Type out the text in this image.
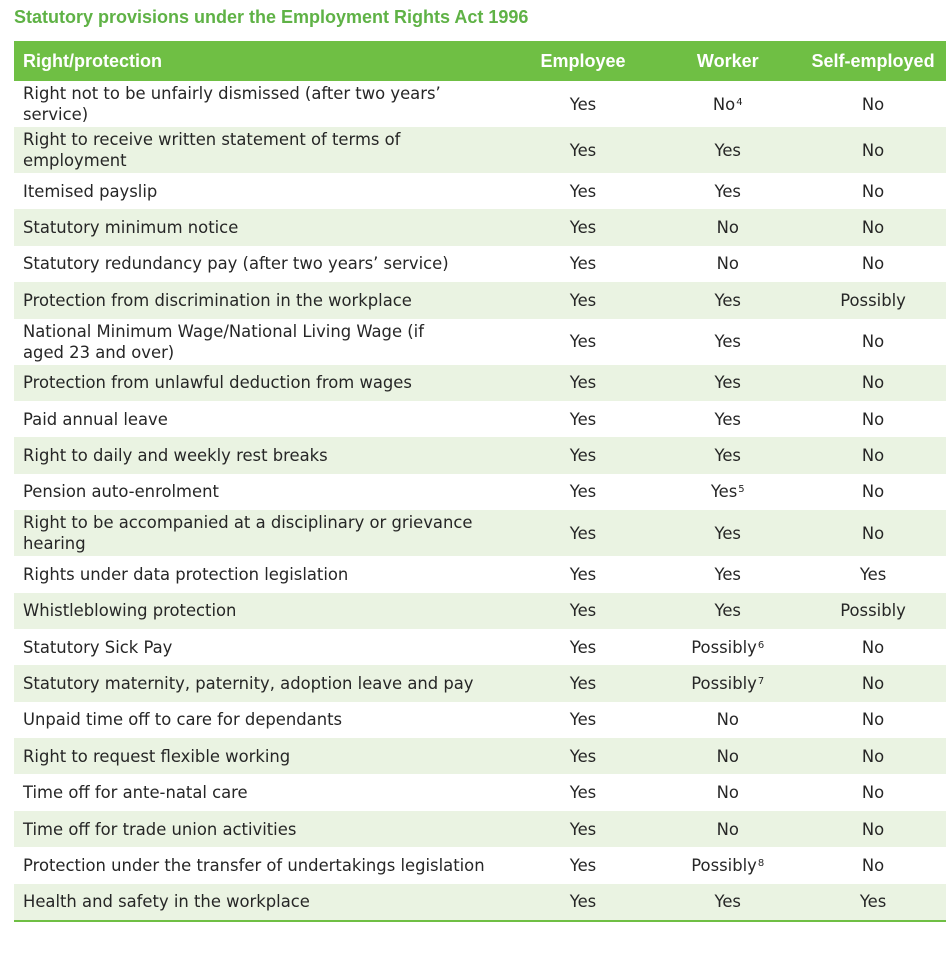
Statutory provisions under the Employment Rights Act 1996
Right/protection	Employee	Worker	Self-employed
Right not to be unfairly dismissed (after two years’ service)	Yes	No$^4$	No
Right to receive written statement of terms of employment	Yes	Yes	No
Itemised payslip	Yes	Yes	No
Statutory minimum notice	Yes	No	No
Statutory redundancy pay (after two years’ service)	Yes	No	No
Protection from discrimination in the workplace	Yes	Yes	Possibly
National Minimum Wage/National Living Wage (if aged 23 and over)	Yes	Yes	No
Protection from unlawful deduction from wages	Yes	Yes	No
Paid annual leave	Yes	Yes	No
Right to daily and weekly rest breaks	Yes	Yes	No
Pension auto-enrolment	Yes	Yes$^5$	No
Right to be accompanied at a disciplinary or grievance hearing	Yes	Yes	No
Rights under data protection legislation	Yes	Yes	Yes
Whistleblowing protection	Yes	Yes	Possibly
Statutory Sick Pay	Yes	Possibly$^6$	No
Statutory maternity, paternity, adoption leave and pay	Yes	Possibly$^7$	No
Unpaid time off to care for dependants	Yes	No	No
Right to request flexible working	Yes	No	No
Time off for ante-natal care	Yes	No	No
Time off for trade union activities	Yes	No	No
Protection under the transfer of undertakings legislation	Yes	Possibly$^8$	No
Health and safety in the workplace	Yes	Yes	Yes
